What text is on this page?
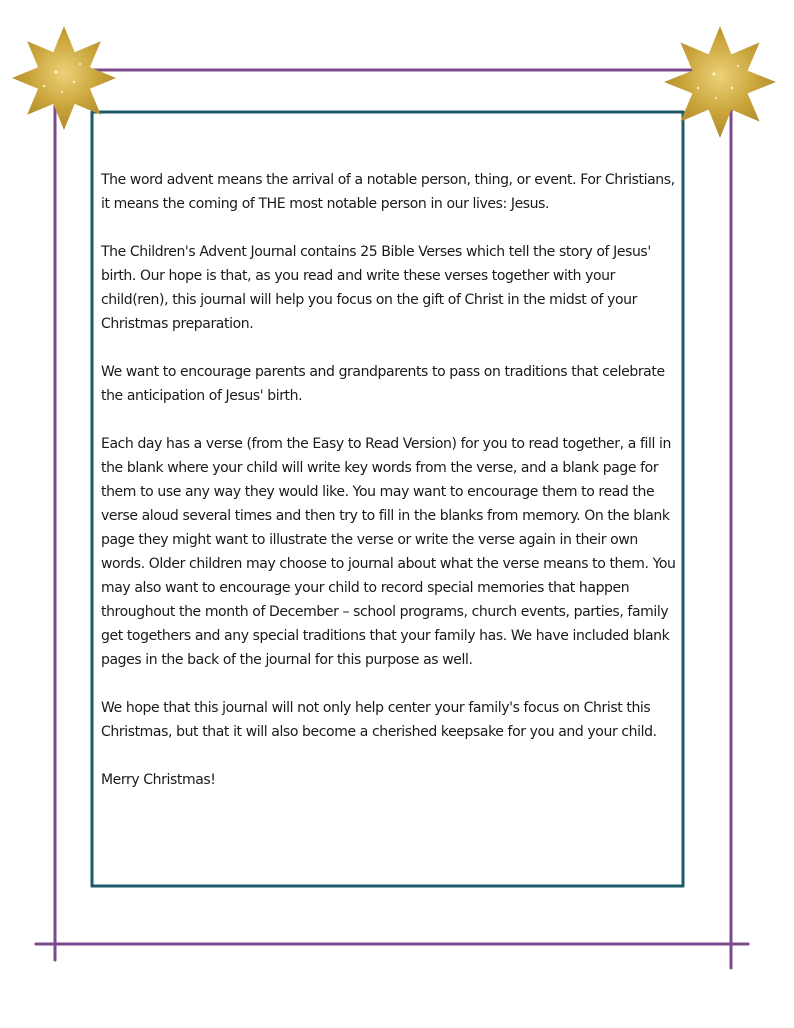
The word advent means the arrival of a notable person, thing, or event. For Christians, it means the coming of THE most notable person in our lives: Jesus.

The Children's Advent Journal contains 25 Bible Verses which tell the story of Jesus' birth. Our hope is that, as you read and write these verses together with your child(ren), this journal will help you focus on the gift of Christ in the midst of your Christmas preparation.

We want to encourage parents and grandparents to pass on traditions that celebrate the anticipation of Jesus' birth.

Each day has a verse (from the Easy to Read Version) for you to read together, a fill in the blank where your child will write key words from the verse, and a blank page for them to use any way they would like. You may want to encourage them to read the verse aloud several times and then try to fill in the blanks from memory. On the blank page they might want to illustrate the verse or write the verse again in their own words. Older children may choose to journal about what the verse means to them. You may also want to encourage your child to record special memories that happen throughout the month of December – school programs, church events, parties, family get togethers and any special traditions that your family has. We have included blank pages in the back of the journal for this purpose as well.

We hope that this journal will not only help center your family's focus on Christ this Christmas, but that it will also become a cherished keepsake for you and your child.

Merry Christmas!
